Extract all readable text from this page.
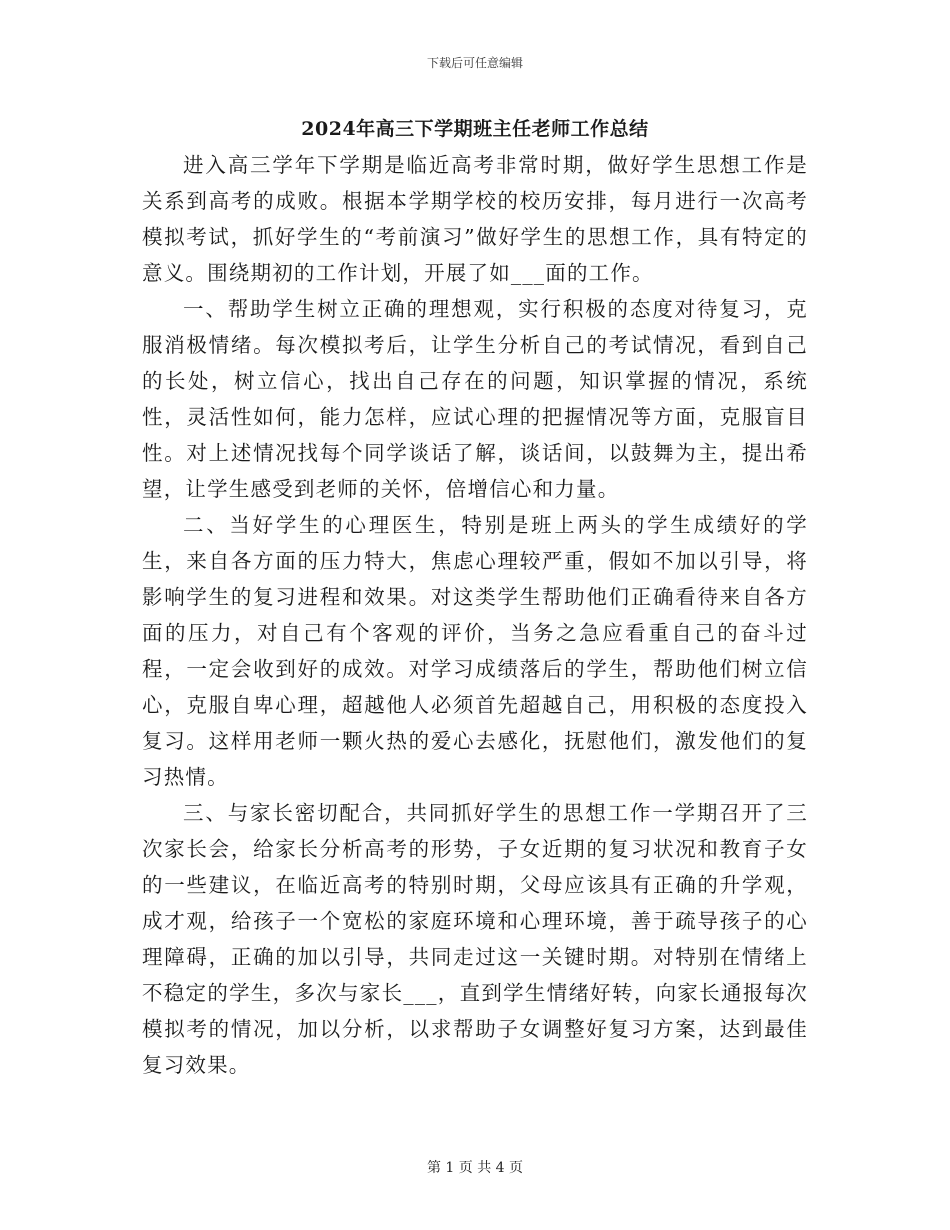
下载后可任意编辑
2024年高三下学期班主任老师工作总结

进入高三学年下学期是临近高考非常时期，做好学生思想工作是关系到高考的成败。根据本学期学校的校历安排，每月进行一次高考模拟考试，抓好学生的“考前演习”做好学生的思想工作，具有特定的意义。围绕期初的工作计划，开展了如___面的工作。

一、帮助学生树立正确的理想观，实行积极的态度对待复习，克服消极情绪。每次模拟考后，让学生分析自己的考试情况，看到自己的长处，树立信心，找出自己存在的问题，知识掌握的情况，系统性，灵活性如何，能力怎样，应试心理的把握情况等方面，克服盲目性。对上述情况找每个同学谈话了解，谈话间，以鼓舞为主，提出希望，让学生感受到老师的关怀，倍增信心和力量。

二、当好学生的心理医生，特别是班上两头的学生成绩好的学生，来自各方面的压力特大，焦虑心理较严重，假如不加以引导，将影响学生的复习进程和效果。对这类学生帮助他们正确看待来自各方面的压力，对自己有个客观的评价，当务之急应看重自己的奋斗过程，一定会收到好的成效。对学习成绩落后的学生，帮助他们树立信心，克服自卑心理，超越他人必须首先超越自己，用积极的态度投入复习。这样用老师一颗火热的爱心去感化，抚慰他们，激发他们的复习热情。

三、与家长密切配合，共同抓好学生的思想工作一学期召开了三次家长会，给家长分析高考的形势，子女近期的复习状况和教育子女的一些建议，在临近高考的特别时期，父母应该具有正确的升学观，成才观，给孩子一个宽松的家庭环境和心理环境，善于疏导孩子的心理障碍，正确的加以引导，共同走过这一关键时期。对特别在情绪上不稳定的学生，多次与家长___，直到学生情绪好转，向家长通报每次模拟考的情况，加以分析，以求帮助子女调整好复习方案，达到最佳复习效果。

第 1 页 共 4 页
